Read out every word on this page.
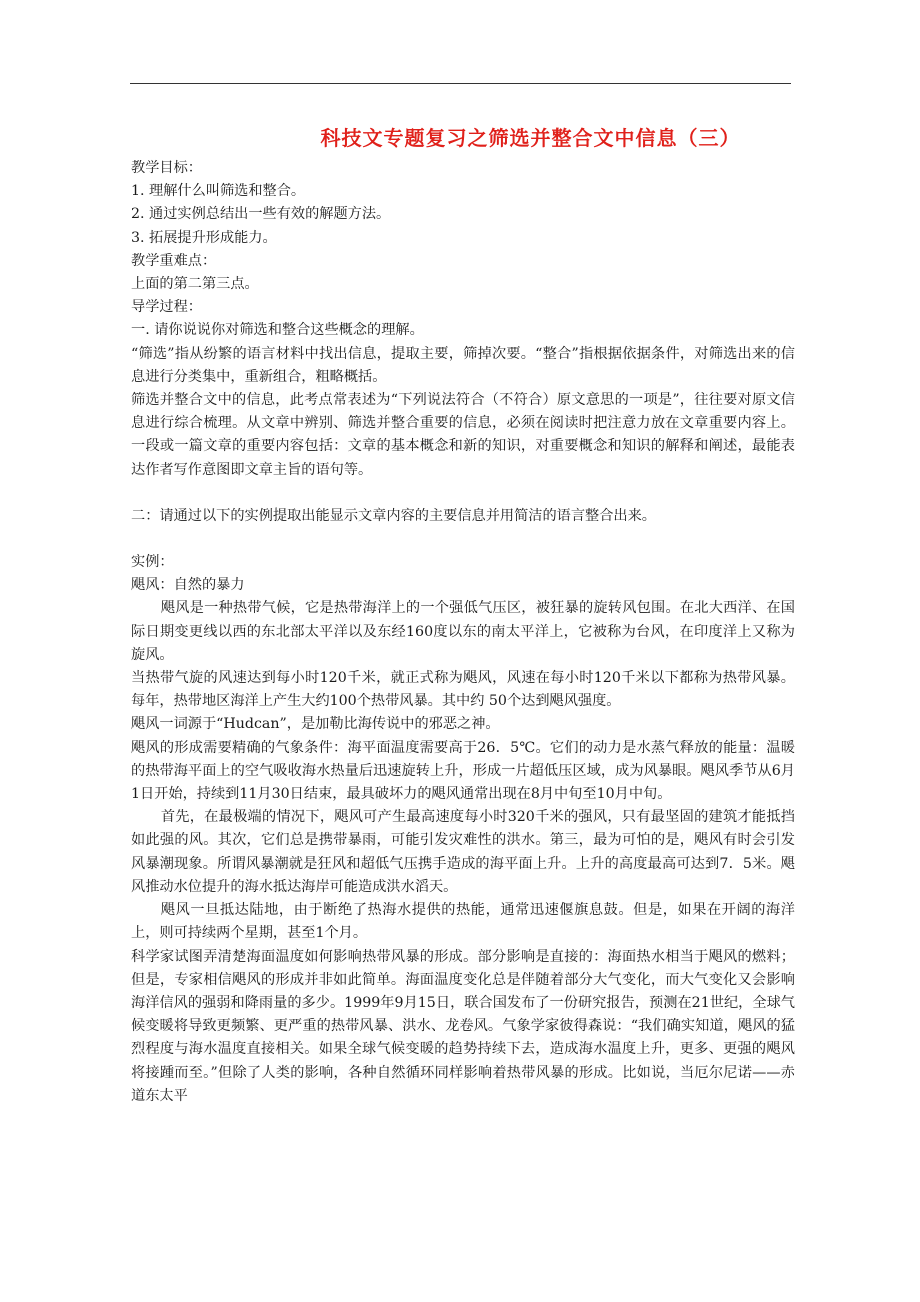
科技文专题复习之筛选并整合文中信息（三）

教学目标：

1. 理解什么叫筛选和整合。

2. 通过实例总结出一些有效的解题方法。

3. 拓展提升形成能力。

教学重难点：

上面的第二第三点。

导学过程：

一. 请你说说你对筛选和整合这些概念的理解。

“筛选”指从纷繁的语言材料中找出信息，提取主要，筛掉次要。“整合”指根据依据条件，对筛选出来的信息进行分类集中，重新组合，粗略概括。

筛选并整合文中的信息，此考点常表述为“下列说法符合（不符合）原文意思的一项是”，往往要对原文信息进行综合梳理。从文章中辨别、筛选并整合重要的信息，必须在阅读时把注意力放在文章重要内容上。一段或一篇文章的重要内容包括：文章的基本概念和新的知识，对重要概念和知识的解释和阐述，最能表达作者写作意图即文章主旨的语句等。

二：请通过以下的实例提取出能显示文章内容的主要信息并用简洁的语言整合出来。

实例：

飓风：自然的暴力

飓风是一种热带气候，它是热带海洋上的一个强低气压区，被狂暴的旋转风包围。在北大西洋、在国际日期变更线以西的东北部太平洋以及东经160度以东的南太平洋上，它被称为台风，在印度洋上又称为旋风。

当热带气旋的风速达到每小时120千米，就正式称为飓风，风速在每小时120千米以下都称为热带风暴。每年，热带地区海洋上产生大约100个热带风暴。其中约 50个达到飓风强度。

飓风一词源于“Hudcan”，是加勒比海传说中的邪恶之神。

飓风的形成需要精确的气象条件：海平面温度需要高于26．5℃。它们的动力是水蒸气释放的能量：温暖的热带海平面上的空气吸收海水热量后迅速旋转上升，形成一片超低压区域，成为风暴眼。飓风季节从6月1日开始，持续到11月30日结束，最具破坏力的飓风通常出现在8月中旬至10月中旬。

首先，在最极端的情况下，飓风可产生最高速度每小时320千米的强风，只有最坚固的建筑才能抵挡如此强的风。其次，它们总是携带暴雨，可能引发灾难性的洪水。第三，最为可怕的是，飓风有时会引发风暴潮现象。所谓风暴潮就是狂风和超低气压携手造成的海平面上升。上升的高度最高可达到7．5米。飓风推动水位提升的海水抵达海岸可能造成洪水滔天。

飓风一旦抵达陆地，由于断绝了热海水提供的热能，通常迅速偃旗息鼓。但是，如果在开阔的海洋上，则可持续两个星期，甚至1个月。

科学家试图弄清楚海面温度如何影响热带风暴的形成。部分影响是直接的：海面热水相当于飓风的燃料；但是，专家相信飓风的形成并非如此简单。海面温度变化总是伴随着部分大气变化，而大气变化又会影响海洋信风的强弱和降雨量的多少。1999年9月15日，联合国发布了一份研究报告，预测在21世纪，全球气候变暖将导致更频繁、更严重的热带风暴、洪水、龙卷风。气象学家彼得森说：“我们确实知道，飓风的猛烈程度与海水温度直接相关。如果全球气候变暖的趋势持续下去，造成海水温度上升，更多、更强的飓风将接踵而至。”但除了人类的影响，各种自然循环同样影响着热带风暴的形成。比如说，当厄尔尼诺——赤道东太平
